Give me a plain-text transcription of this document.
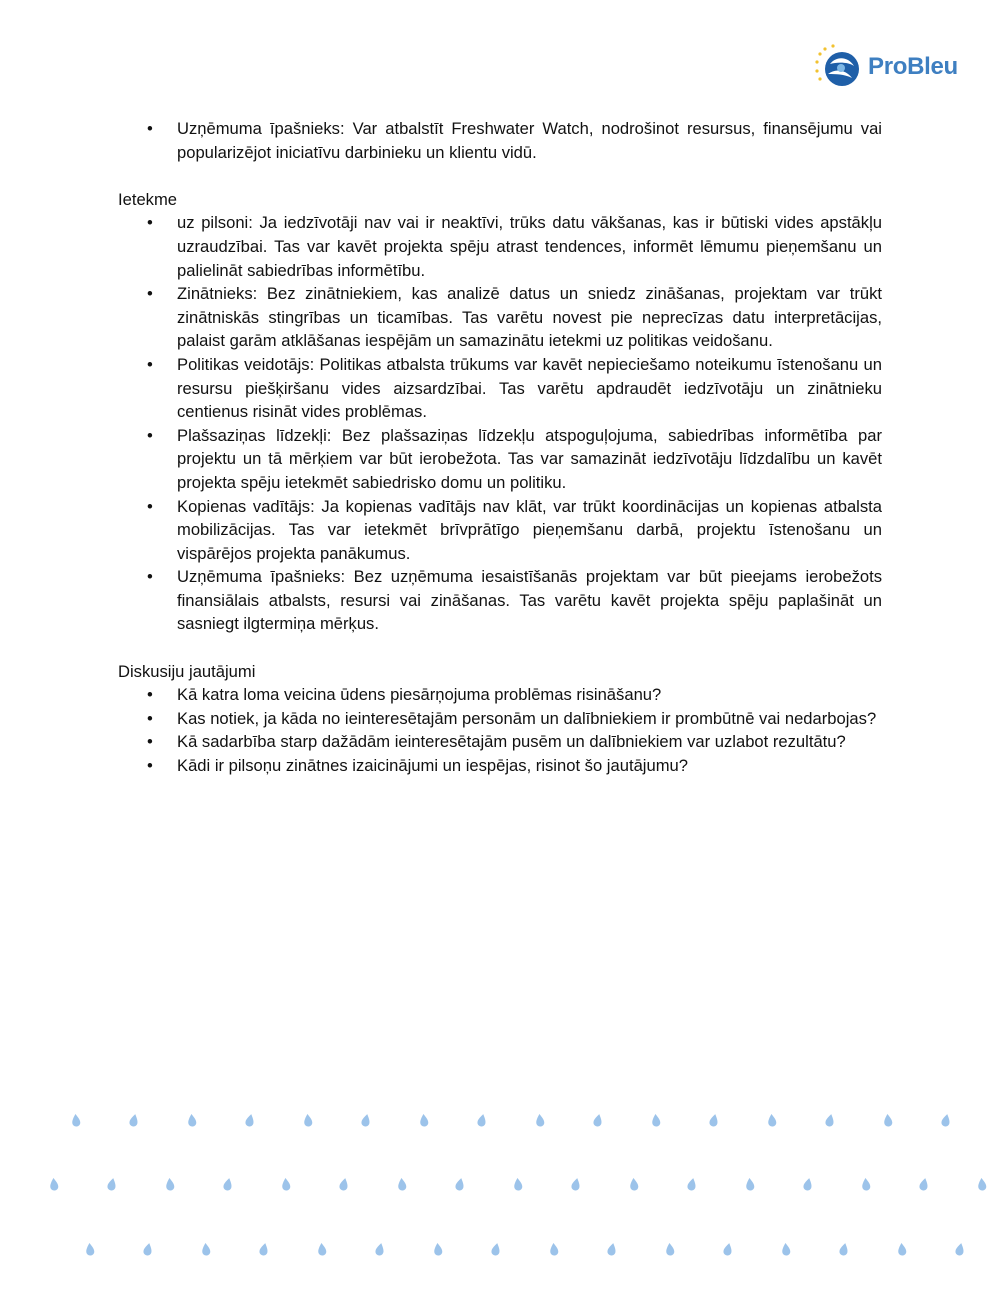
ProBleu
• Uzņēmuma īpašnieks: Var atbalstīt Freshwater Watch, nodrošinot resursus, finansējumu vai popularizējot iniciatīvu darbinieku un klientu vidū.

Ietekme

• uz pilsoni: Ja iedzīvotāji nav vai ir neaktīvi, trūks datu vākšanas, kas ir būtiski vides apstākļu uzraudzībai. Tas var kavēt projekta spēju atrast tendences, informēt lēmumu pieņemšanu un palielināt sabiedrības informētību.
• Zinātnieks: Bez zinātniekiem, kas analizē datus un sniedz zināšanas, projektam var trūkt zinātniskās stingrības un ticamības. Tas varētu novest pie neprecīzas datu interpretācijas, palaist garām atklāšanas iespējām un samazinātu ietekmi uz politikas veidošanu.
• Politikas veidotājs: Politikas atbalsta trūkums var kavēt nepieciešamo noteikumu īstenošanu un resursu piešķiršanu vides aizsardzībai. Tas varētu apdraudēt iedzīvotāju un zinātnieku centienus risināt vides problēmas.
• Plašsaziņas līdzekļi: Bez plašsaziņas līdzekļu atspoguļojuma, sabiedrības informētība par projektu un tā mērķiem var būt ierobežota. Tas var samazināt iedzīvotāju līdzdalību un kavēt projekta spēju ietekmēt sabiedrisko domu un politiku.
• Kopienas vadītājs: Ja kopienas vadītājs nav klāt, var trūkt koordinācijas un kopienas atbalsta mobilizācijas. Tas var ietekmēt brīvprātīgo pieņemšanu darbā, projektu īstenošanu un vispārējos projekta panākumus.
• Uzņēmuma īpašnieks: Bez uzņēmuma iesaistīšanās projektam var būt pieejams ierobežots finansiālais atbalsts, resursi vai zināšanas. Tas varētu kavēt projekta spēju paplašināt un sasniegt ilgtermiņa mērķus.

Diskusiju jautājumi

• Kā katra loma veicina ūdens piesārņojuma problēmas risināšanu?
• Kas notiek, ja kāda no ieinteresētajām personām un dalībniekiem ir prombūtnē vai nedarbojas?
• Kā sadarbība starp dažādām ieinteresētajām pusēm un dalībniekiem var uzlabot rezultātu?
• Kādi ir pilsoņu zinātnes izaicinājumi un iespējas, risinot šo jautājumu?
